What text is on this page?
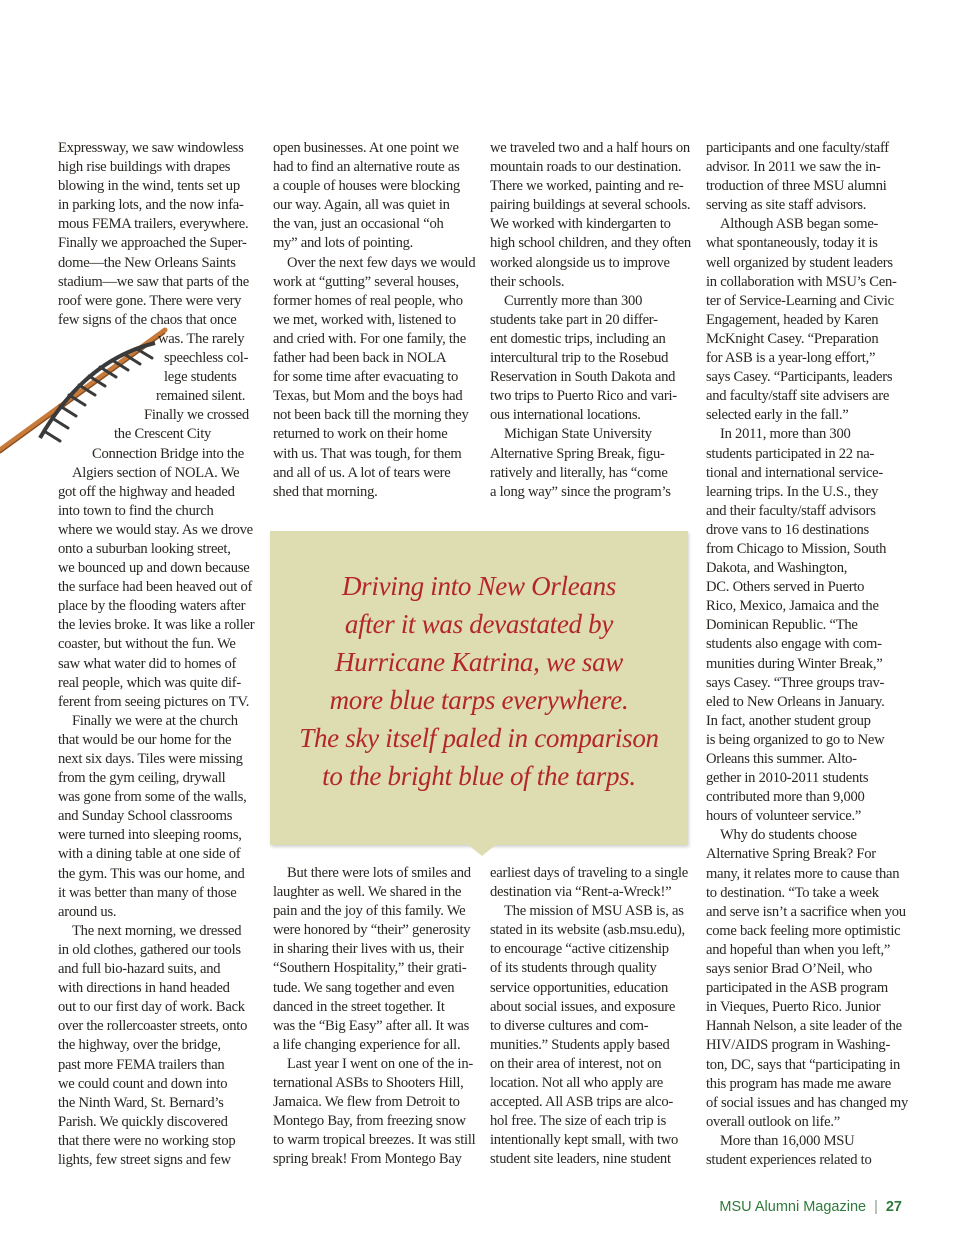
Expressway, we saw windowless
high rise buildings with drapes
blowing in the wind, tents set up
in parking lots, and the now infa-
mous FEMA trailers, everywhere.
Finally we approached the Super-
dome—the New Orleans Saints
stadium—we saw that parts of the
roof were gone. There were very
few signs of the chaos that once
was. The rarely
speechless col-
lege students
remained silent.
Finally we crossed
the Crescent City
Connection Bridge into the
Algiers section of NOLA. We
got off the highway and headed
into town to find the church
where we would stay. As we drove
onto a suburban looking street,
we bounced up and down because
the surface had been heaved out of
place by the flooding waters after
the levies broke. It was like a roller
coaster, but without the fun. We
saw what water did to homes of
real people, which was quite dif-
ferent from seeing pictures on TV.
Finally we were at the church
that would be our home for the
next six days. Tiles were missing
from the gym ceiling, drywall
was gone from some of the walls,
and Sunday School classrooms
were turned into sleeping rooms,
with a dining table at one side of
the gym. This was our home, and
it was better than many of those
around us.
The next morning, we dressed
in old clothes, gathered our tools
and full bio-hazard suits, and
with directions in hand headed
out to our first day of work. Back
over the rollercoaster streets, onto
the highway, over the bridge,
past more FEMA trailers than
we could count and down into
the Ninth Ward, St. Bernard’s
Parish. We quickly discovered
that there were no working stop
lights, few street signs and few
open businesses. At one point we
had to find an alternative route as
a couple of houses were blocking
our way. Again, all was quiet in
the van, just an occasional “oh
my” and lots of pointing.
Over the next few days we would
work at “gutting” several houses,
former homes of real people, who
we met, worked with, listened to
and cried with. For one family, the
father had been back in NOLA
for some time after evacuating to
Texas, but Mom and the boys had
not been back till the morning they
returned to work on their home
with us. That was tough, for them
and all of us. A lot of tears were
shed that morning.
we traveled two and a half hours on
mountain roads to our destination.
There we worked, painting and re-
pairing buildings at several schools.
We worked with kindergarten to
high school children, and they often
worked alongside us to improve
their schools.
Currently more than 300
students take part in 20 differ-
ent domestic trips, including an
intercultural trip to the Rosebud
Reservation in South Dakota and
two trips to Puerto Rico and vari-
ous international locations.
Michigan State University
Alternative Spring Break, figu-
ratively and literally, has “come
a long way” since the program’s
participants and one faculty/staff
advisor. In 2011 we saw the in-
troduction of three MSU alumni
serving as site staff advisors.
Although ASB began some-
what spontaneously, today it is
well organized by student leaders
in collaboration with MSU’s Cen-
ter of Service-Learning and Civic
Engagement, headed by Karen
McKnight Casey. “Preparation
for ASB is a year-long effort,”
says Casey. “Participants, leaders
and faculty/staff site advisers are
selected early in the fall.”
In 2011, more than 300
students participated in 22 na-
tional and international service-
learning trips. In the U.S., they
and their faculty/staff advisors
drove vans to 16 destinations
from Chicago to Mission, South
Dakota, and Washington,
DC. Others served in Puerto
Rico, Mexico, Jamaica and the
Dominican Republic. “The
students also engage with com-
munities during Winter Break,”
says Casey. “Three groups trav-
eled to New Orleans in January.
In fact, another student group
is being organized to go to New
Orleans this summer. Alto-
gether in 2010-2011 students
contributed more than 9,000
hours of volunteer service.”
Why do students choose
Alternative Spring Break? For
many, it relates more to cause than
to destination. “To take a week
and serve isn’t a sacrifice when you
come back feeling more optimistic
and hopeful than when you left,”
says senior Brad O’Neil, who
participated in the ASB program
in Vieques, Puerto Rico. Junior
Hannah Nelson, a site leader of the
HIV/AIDS program in Washing-
ton, DC, says that “participating in
this program has made me aware
of social issues and has changed my
overall outlook on life.”
More than 16,000 MSU
student experiences related to
Driving into New Orleans
after it was devastated by
Hurricane Katrina, we saw
more blue tarps everywhere.
The sky itself paled in comparison
to the bright blue of the tarps.
But there were lots of smiles and
laughter as well. We shared in the
pain and the joy of this family. We
were honored by “their” generosity
in sharing their lives with us, their
“Southern Hospitality,” their grati-
tude. We sang together and even
danced in the street together. It
was the “Big Easy” after all. It was
a life changing experience for all.
Last year I went on one of the in-
ternational ASBs to Shooters Hill,
Jamaica. We flew from Detroit to
Montego Bay, from freezing snow
to warm tropical breezes. It was still
spring break! From Montego Bay
earliest days of traveling to a single
destination via “Rent-a-Wreck!”
The mission of MSU ASB is, as
stated in its website (asb.msu.edu),
to encourage “active citizenship
of its students through quality
service opportunities, education
about social issues, and exposure
to diverse cultures and com-
munities.” Students apply based
on their area of interest, not on
location. Not all who apply are
accepted. All ASB trips are alco-
hol free. The size of each trip is
intentionally kept small, with two
student site leaders, nine student
MSU Alumni Magazine | 27
